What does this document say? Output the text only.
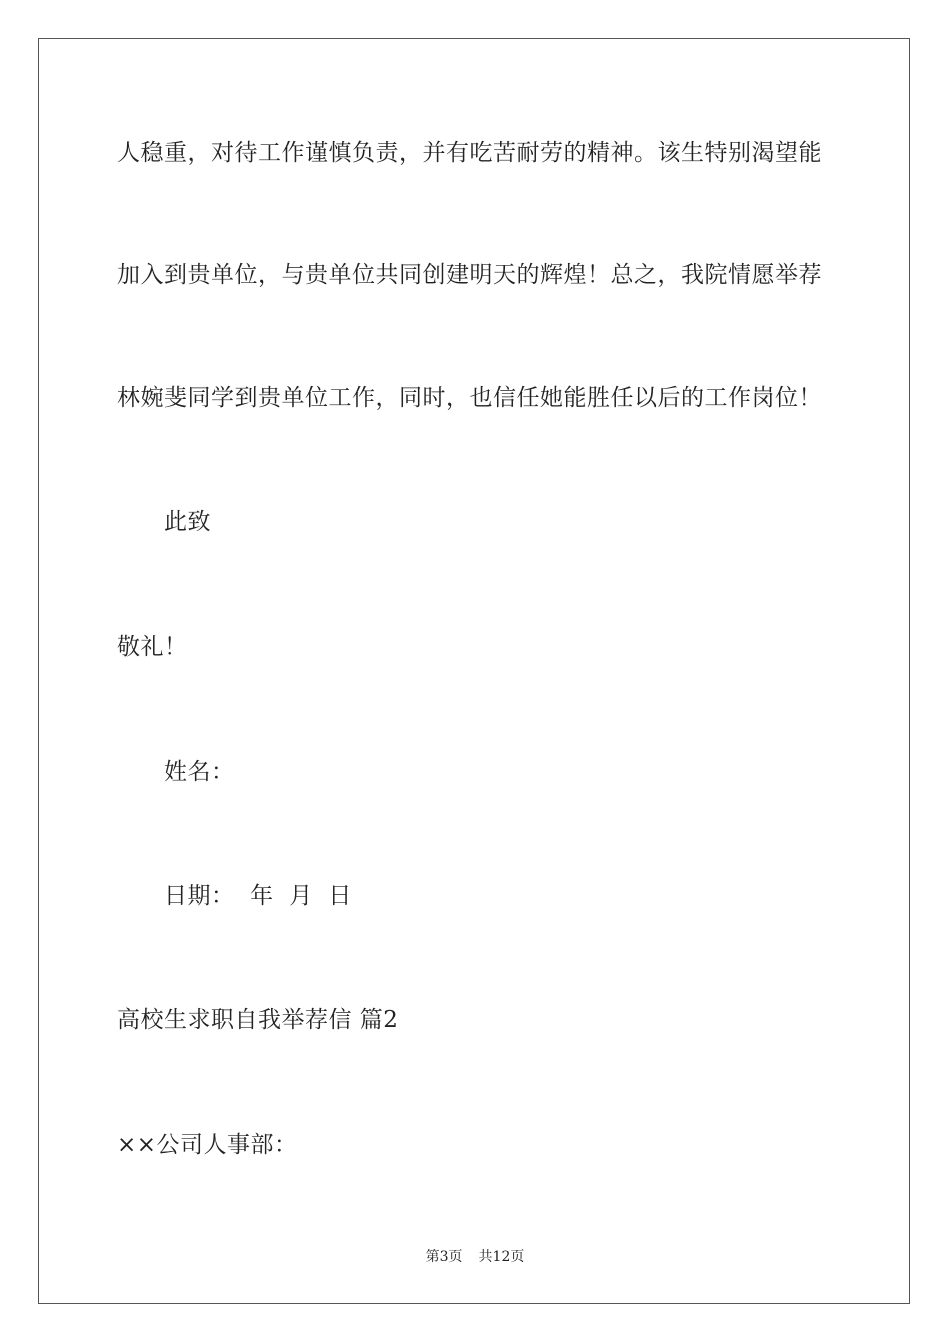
人稳重，对待工作谨慎负责，并有吃苦耐劳的精神。该生特别渴望能
加入到贵单位，与贵单位共同创建明天的辉煌！总之，我院情愿举荐
林婉斐同学到贵单位工作，同时，也信任她能胜任以后的工作岗位！
此致
敬礼！
姓名：
日期：  年  月  日
高校生求职自我举荐信 篇2
××公司人事部：
第3页 共12页
